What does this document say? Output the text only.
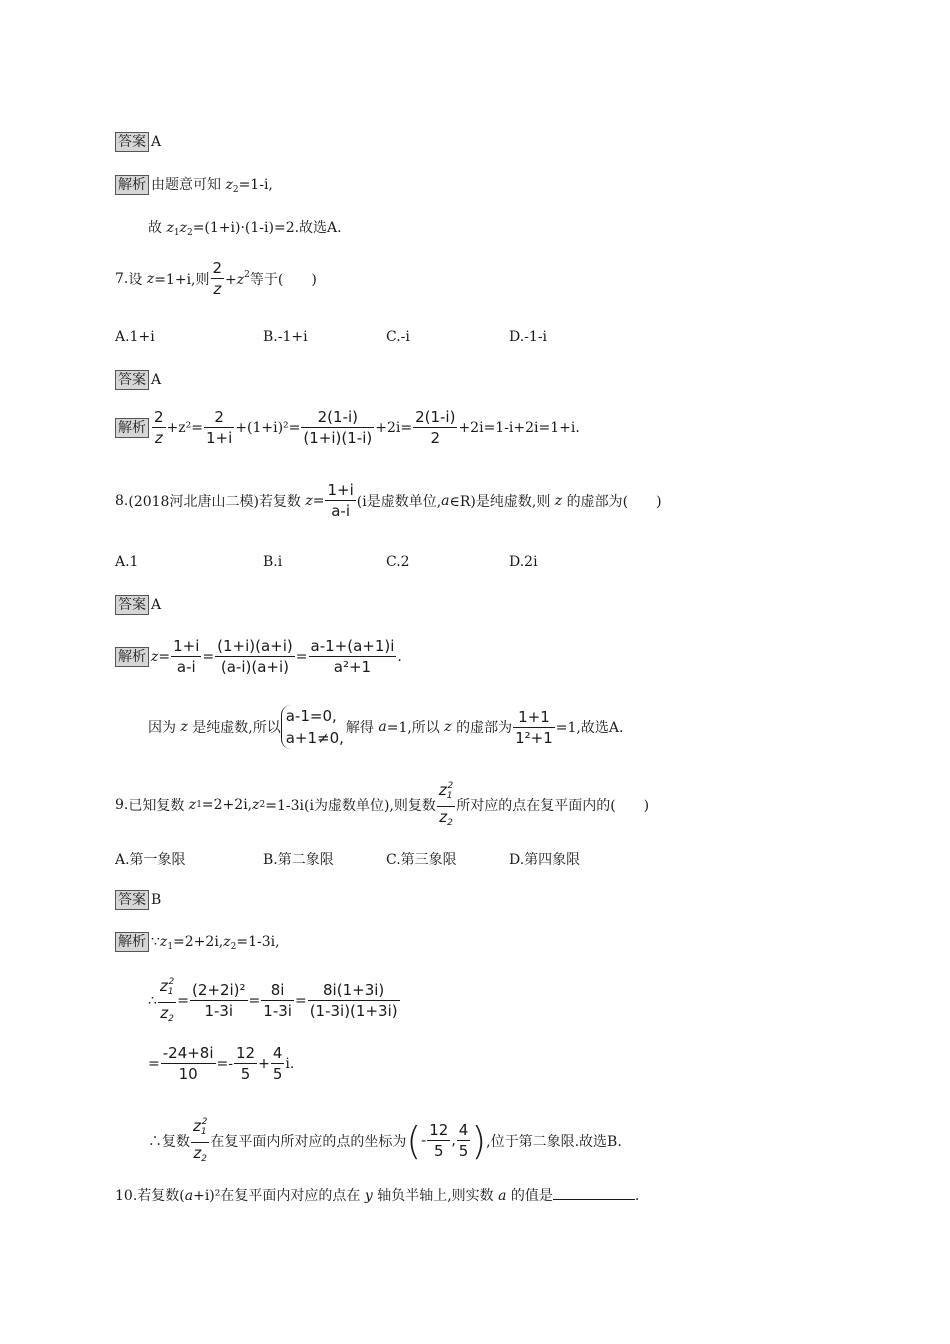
答案 A
解析 由题意可知 $z_2=1-i$,
故 $z_1z_2=(1+i)\cdot(1-i)=2$.故选A.
7. 设
z =1+i,则 $\frac{2}{z} +z^2$ 等于(　　)
A.1+i	B.-1+i	C.-i	D.-1-i
答案 A
解析 $\frac{2}{z} +z^2= \frac{2}{1+i} +(1+i)^2= \frac{2(1-i)}{(1+i)(1-i)} +2i= \frac{2(1-i)}{2} +2i=1-i+2i=1+i$.
8. (2018河北唐山二模)若复数 $z = \frac{1+i}{a-i} (i$是虚数单位, a ∈R)是纯虚数,则 z 的虚部为(　　)
A.1	B.i	C.2	D.2i
答案 A
解析 $z = \frac{1+i}{a-i} = \frac{(1+i)(a+i)}{(a-i)(a+i)} = \frac{a-1+(a+1)i}{\text{a²+1}}$ .
因为 z 是纯虚数,所以
a-1=0,
a+1≠0,
解得 a =1,所以 z 的虚部为 $\frac{1+1}{\text{1²+1}} =1$,故选A.
9. 已知复数 z 1 =2+2i, z 2 =1-3i(i为虚数单位),则复数 $\frac{z_1^2}{z_2}$ 所对应的点在复平面内的(　　)
A.第一象限	B.第二象限	C.第三象限	D.第四象限
答案 B
解析 $\because z_1=2+2i,z_2=1-3i$,
∴ $\frac{z_1^2}{z_2} = \frac{\text{(2+2i)²}}{1-3i} = \frac{8i}{1-3i} = \frac{8i(1+3i)}{(1-3i)(1+3i)}$
= $\frac{-24+8i}{10} =- \frac{12}{5} + \frac{4}{5} i$.
∴复数 $\frac{z_1^2}{z_2}$ 在复平面内所对应的点的坐标为 ( - $\frac{12}{5}$ , $\frac{4}{5}$ ) ,位于第二象限.故选B.
10.若复数(a+i)²在复平面内对应的点在 y 轴负半轴上,则实数 a 的值是	.
